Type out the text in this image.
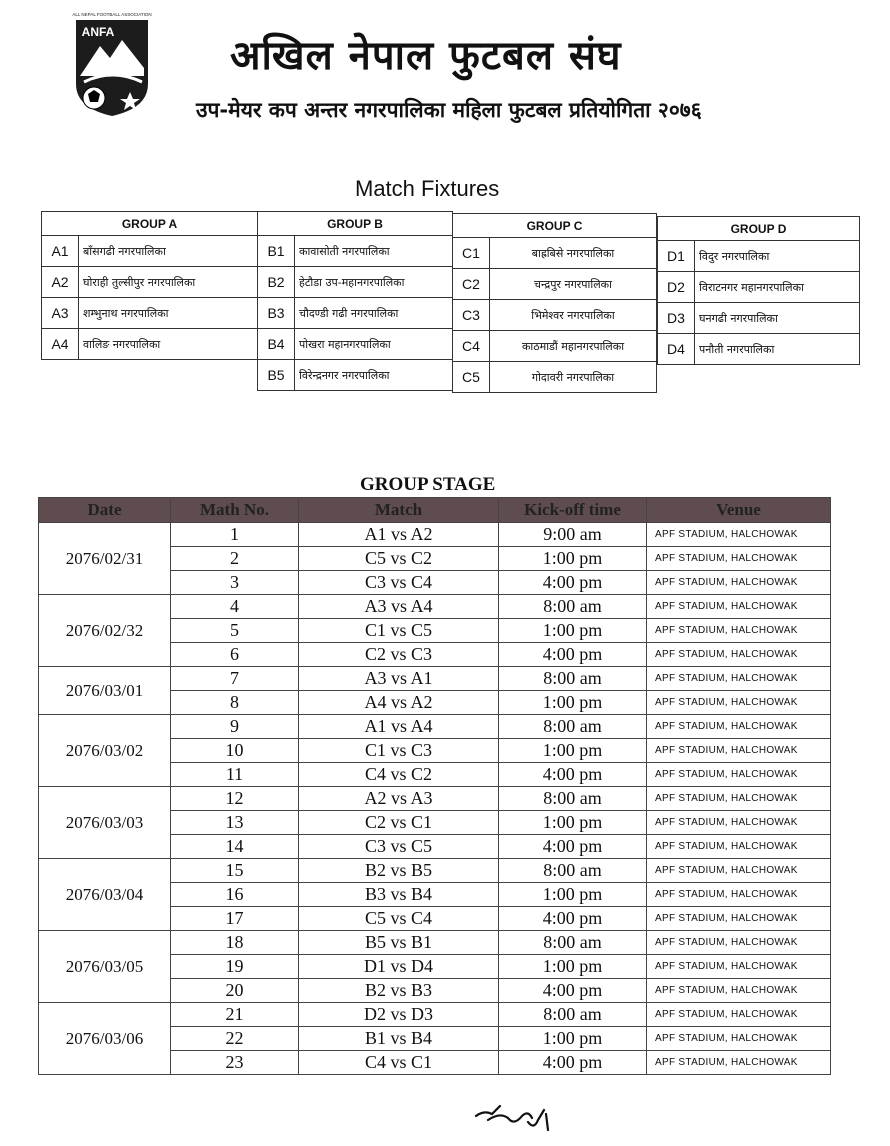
ALL NEPAL FOOTBALL ASSOCIATION
ANFA
अखिल नेपाल फुटबल संघ
उप-मेयर कप अन्तर नगरपालिका महिला फुटबल प्रतियोगिता २०७६
Match Fixtures
GROUP A	
A1	बाँसगढी नगरपालिका
A2	घोराही तुल्सीपुर नगरपालिका
A3	शम्भुनाथ नगरपालिका
A4	वालिङ नगरपालिका
GROUP B	
B1	कावासोती नगरपालिका
B2	हेटौडा उप-महानगरपालिका
B3	चौदण्डी गढी नगरपालिका
B4	पोखरा महानगरपालिका
B5	विरेन्द्रनगर नगरपालिका
GROUP C	
C1	बाह्रबिसे नगरपालिका
C2	चन्द्रपुर नगरपालिका
C3	भिमेश्वर नगरपालिका
C4	काठमाडौं महानगरपालिका
C5	गोदावरी नगरपालिका
GROUP D	
D1	विदुर नगरपालिका
D2	विराटनगर महानगरपालिका
D3	घनगढी नगरपालिका
D4	पनौती नगरपालिका
GROUP STAGE
Date	Math No.	Match	Kick-off time	Venue
2076/02/31	1	A1 vs A2	9:00 am	APF STADIUM, HALCHOWAK
	2	C5 vs C2	1:00 pm	APF STADIUM, HALCHOWAK
	3	C3 vs C4	4:00 pm	APF STADIUM, HALCHOWAK
2076/02/32	4	A3 vs A4	8:00 am	APF STADIUM, HALCHOWAK
	5	C1 vs C5	1:00 pm	APF STADIUM, HALCHOWAK
	6	C2 vs C3	4:00 pm	APF STADIUM, HALCHOWAK
2076/03/01	7	A3 vs A1	8:00 am	APF STADIUM, HALCHOWAK
	8	A4 vs A2	1:00 pm	APF STADIUM, HALCHOWAK
2076/03/02	9	A1 vs A4	8:00 am	APF STADIUM, HALCHOWAK
	10	C1 vs C3	1:00 pm	APF STADIUM, HALCHOWAK
	11	C4 vs C2	4:00 pm	APF STADIUM, HALCHOWAK
2076/03/03	12	A2 vs A3	8:00 am	APF STADIUM, HALCHOWAK
	13	C2 vs C1	1:00 pm	APF STADIUM, HALCHOWAK
	14	C3 vs C5	4:00 pm	APF STADIUM, HALCHOWAK
2076/03/04	15	B2 vs B5	8:00 am	APF STADIUM, HALCHOWAK
	16	B3 vs B4	1:00 pm	APF STADIUM, HALCHOWAK
	17	C5 vs C4	4:00 pm	APF STADIUM, HALCHOWAK
2076/03/05	18	B5 vs B1	8:00 am	APF STADIUM, HALCHOWAK
	19	D1 vs D4	1:00 pm	APF STADIUM, HALCHOWAK
	20	B2 vs B3	4:00 pm	APF STADIUM, HALCHOWAK
2076/03/06	21	D2 vs D3	8:00 am	APF STADIUM, HALCHOWAK
	22	B1 vs B4	1:00 pm	APF STADIUM, HALCHOWAK
	23	C4 vs C1	4:00 pm	APF STADIUM, HALCHOWAK
